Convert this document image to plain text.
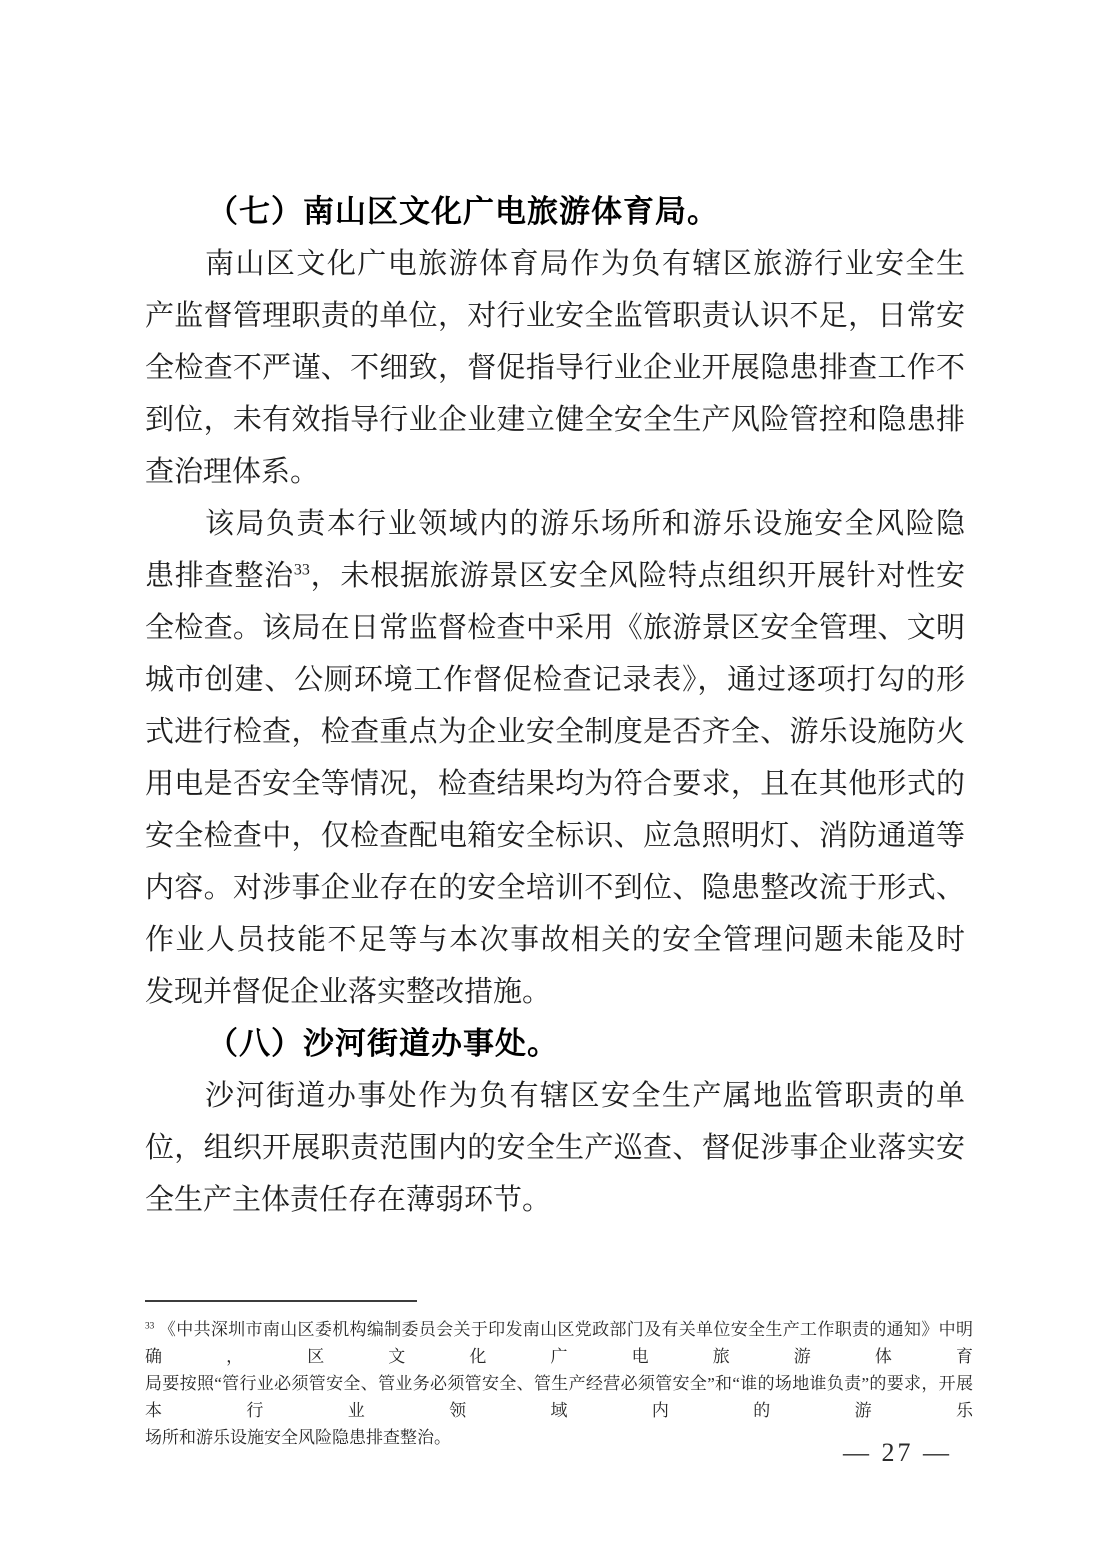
（七）南山区文化广电旅游体育局。
南山区文化广电旅游体育局作为负有辖区旅游行业安全生
产监督管理职责的单位，对行业安全监管职责认识不足，日常安
全检查不严谨、不细致，督促指导行业企业开展隐患排查工作不
到位，未有效指导行业企业建立健全安全生产风险管控和隐患排
查治理体系。
该局负责本行业领域内的游乐场所和游乐设施安全风险隐
患排查整治$^{33}$，未根据旅游景区安全风险特点组织开展针对性安
全检查。该局在日常监督检查中采用《旅游景区安全管理、文明
城市创建、公厕环境工作督促检查记录表》，通过逐项打勾的形
式进行检查，检查重点为企业安全制度是否齐全、游乐设施防火
用电是否安全等情况，检查结果均为符合要求，且在其他形式的
安全检查中，仅检查配电箱安全标识、应急照明灯、消防通道等
内容。对涉事企业存在的安全培训不到位、隐患整改流于形式、
作业人员技能不足等与本次事故相关的安全管理问题未能及时
发现并督促企业落实整改措施。
（八）沙河街道办事处。
沙河街道办事处作为负有辖区安全生产属地监管职责的单
位，组织开展职责范围内的安全生产巡查、督促涉事企业落实安
全生产主体责任存在薄弱环节。
$^{33}$ 《中共深圳市南山区委机构编制委员会关于印发南山区党政部门及有关单位安全生产工作职责的通知》中明确，区文化广电旅游体育
局要按照“管行业必须管安全、管业务必须管安全、管生产经营必须管安全”和“谁的场地谁负责”的要求，开展本行业领域内的游乐
场所和游乐设施安全风险隐患排查整治。
— 27 —
